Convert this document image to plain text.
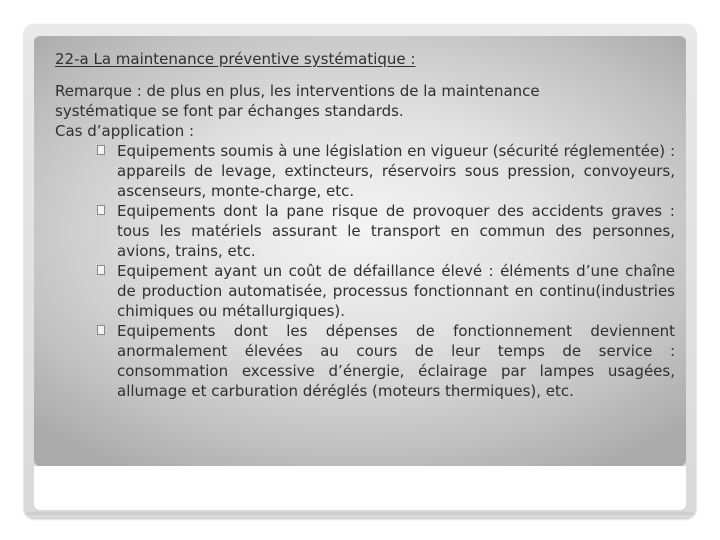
22-a La maintenance préventive systématique :

Remarque : de plus en plus, les interventions de la maintenance

systématique se font par échanges standards.

Cas d’application :

Equipements soumis à une législation en vigueur (sécurité réglementée) : appareils de levage, extincteurs, réservoirs sous pression, convoyeurs, ascenseurs, monte-charge, etc.
Equipements dont la pane risque de provoquer des accidents graves : tous les matériels assurant le transport en commun des personnes, avions, trains, etc.
Equipement ayant un coût de défaillance élevé : éléments d’une chaîne de production automatisée, processus fonctionnant en continu(industries chimiques ou métallurgiques).
Equipements dont les dépenses de fonctionnement deviennent anormalement élevées au cours de leur temps de service : consommation excessive d’énergie, éclairage par lampes usagées, allumage et carburation déréglés (moteurs thermiques), etc.
